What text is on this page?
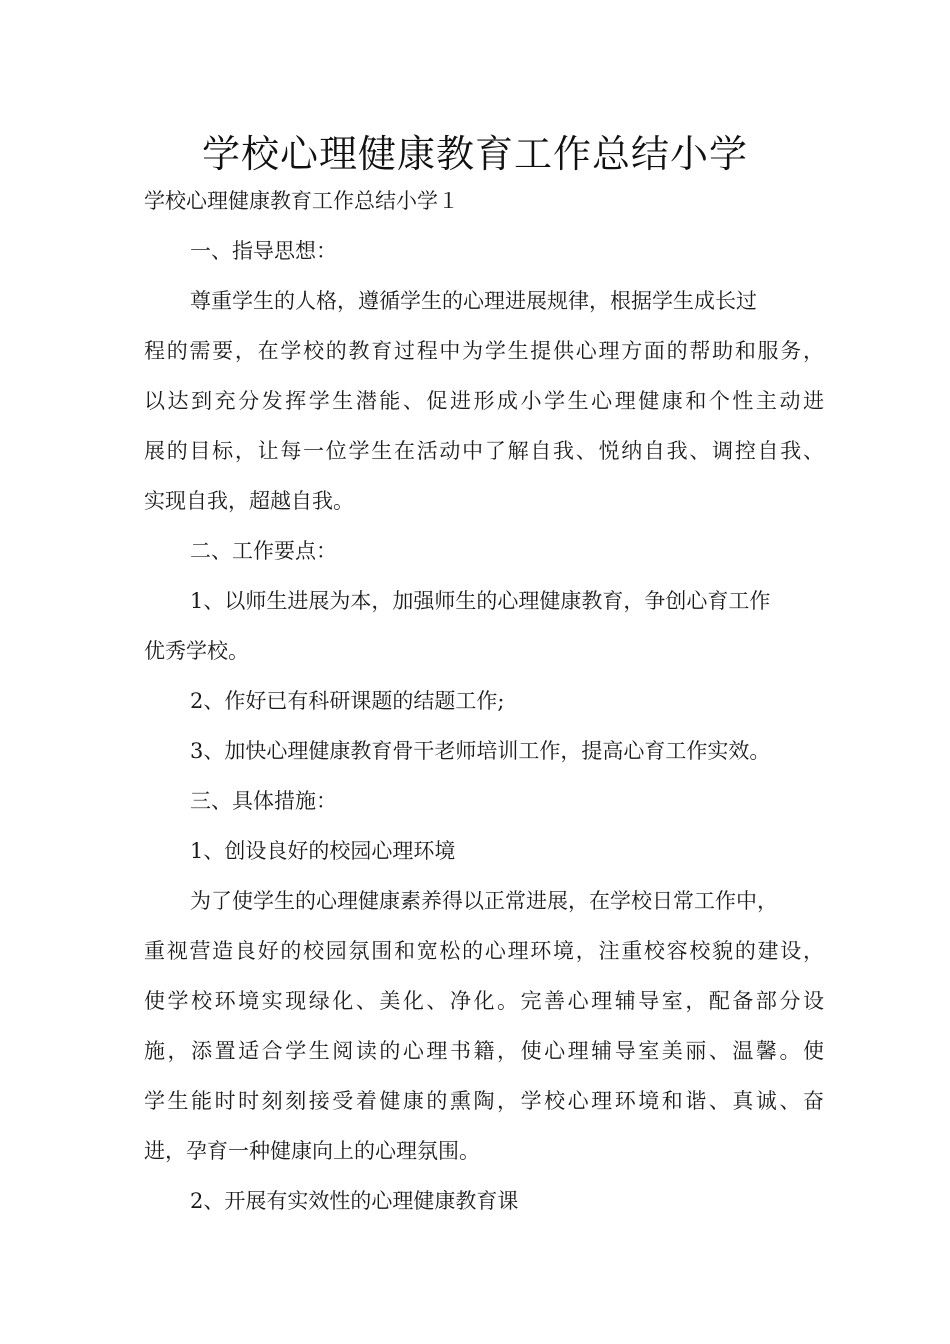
学校心理健康教育工作总结小学
学校心理健康教育工作总结小学１
一、指导思想：
尊重学生的人格，遵循学生的心理进展规律，根据学生成长过
程的需要，在学校的教育过程中为学生提供心理方面的帮助和服务，
以达到充分发挥学生潜能、促进形成小学生心理健康和个性主动进
展的目标，让每一位学生在活动中了解自我、悦纳自我、调控自我、
实现自我，超越自我。
二、工作要点：
1、以师生进展为本，加强师生的心理健康教育，争创心育工作
优秀学校。
2、作好已有科研课题的结题工作;
3、加快心理健康教育骨干老师培训工作，提高心育工作实效。
三、具体措施：
1、创设良好的校园心理环境
为了使学生的心理健康素养得以正常进展，在学校日常工作中，
重视营造良好的校园氛围和宽松的心理环境，注重校容校貌的建设，
使学校环境实现绿化、美化、净化。完善心理辅导室，配备部分设
施，添置适合学生阅读的心理书籍，使心理辅导室美丽、温馨。使
学生能时时刻刻接受着健康的熏陶，学校心理环境和谐、真诚、奋
进，孕育一种健康向上的心理氛围。
2、开展有实效性的心理健康教育课
